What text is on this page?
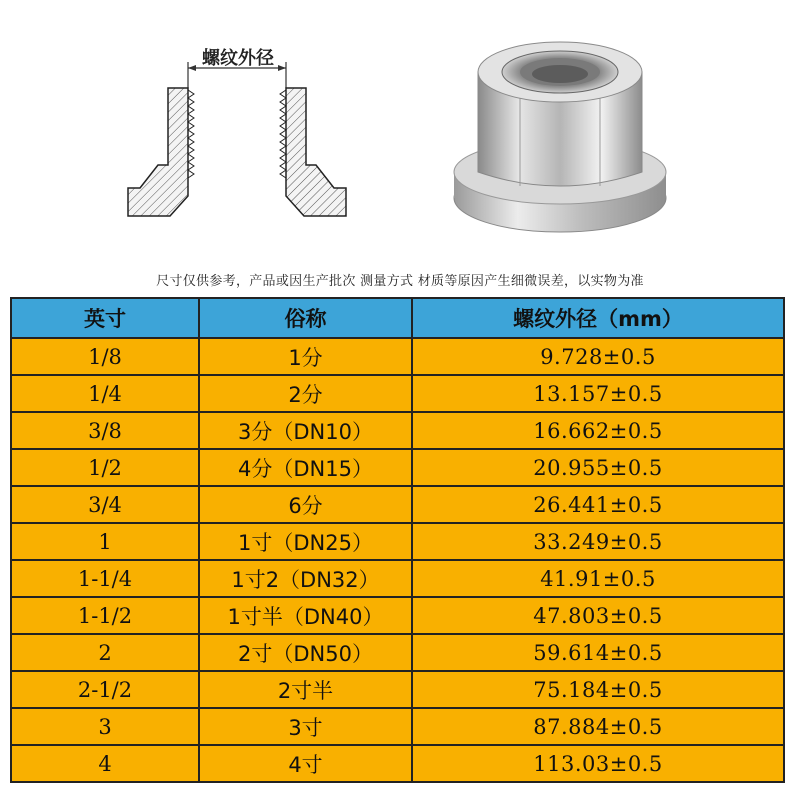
螺纹外径
尺寸仅供参考，产品或因生产批次 测量方式 材质等原因产生细微误差，以实物为准
英寸	俗称	螺纹外径（mm）
1/8	1分	9.728±0.5
1/4	2分	13.157±0.5
3/8	3分（DN10）	16.662±0.5
1/2	4分（DN15）	20.955±0.5
3/4	6分	26.441±0.5
1	1寸（DN25）	33.249±0.5
1-1/4	1寸2（DN32）	41.91±0.5
1-1/2	1寸半（DN40）	47.803±0.5
2	2寸（DN50）	59.614±0.5
2-1/2	2寸半	75.184±0.5
3	3寸	87.884±0.5
4	4寸	113.03±0.5
